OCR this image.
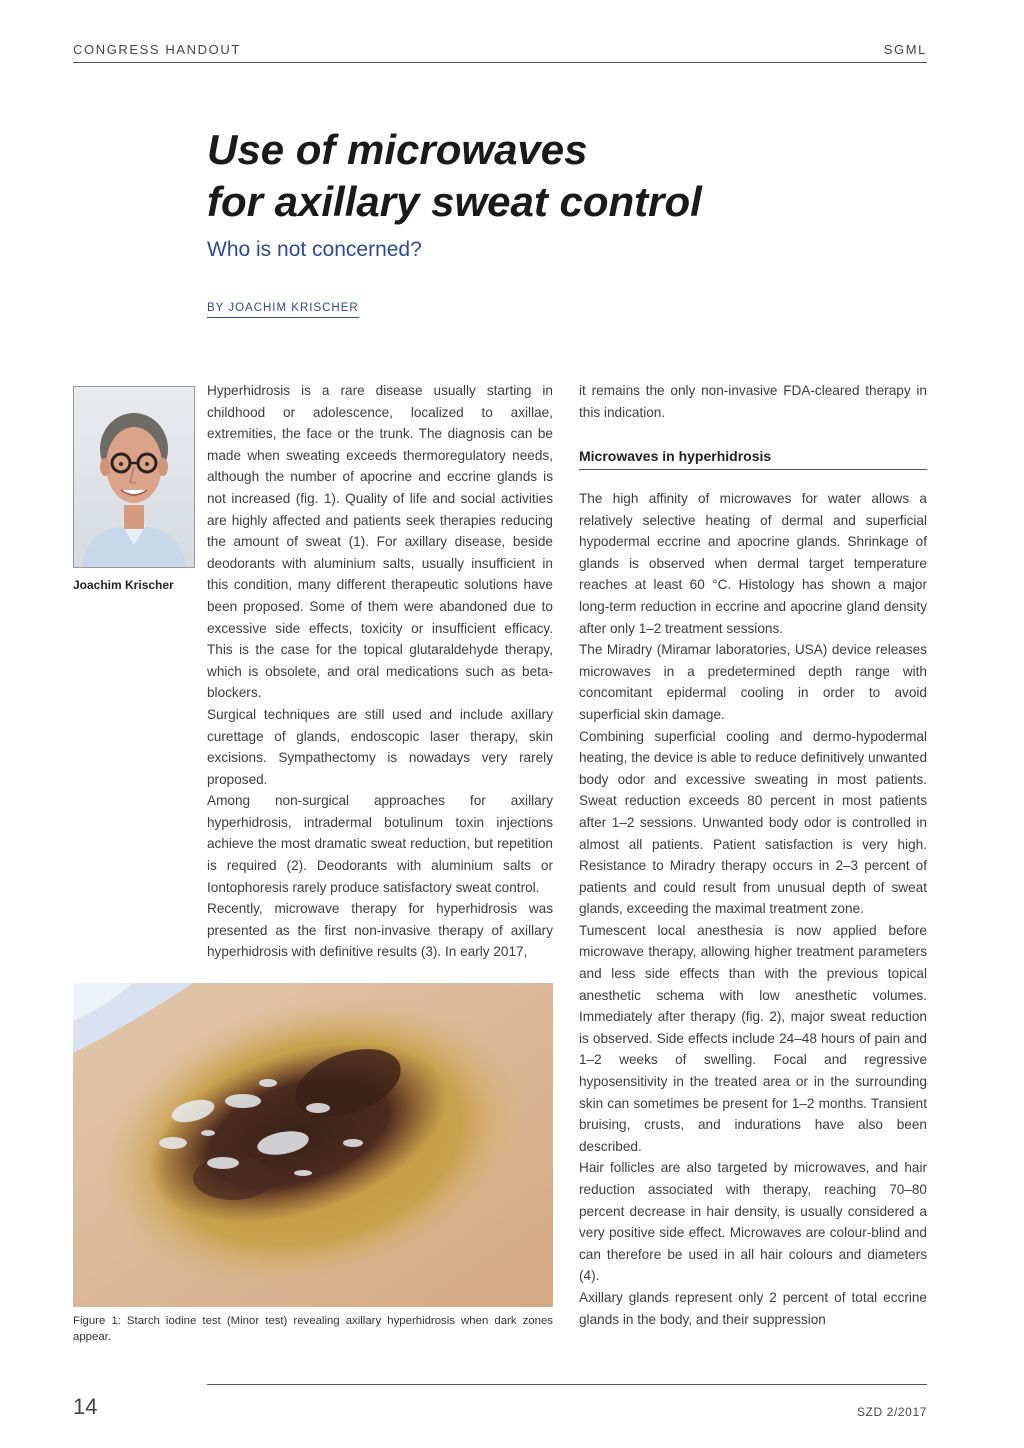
CONGRESS HANDOUT	SGML
Use of microwaves
for axillary sweat control
Who is not concerned?
BY JOACHIM KRISCHER
Joachim Krischer

Hyperhidrosis is a rare disease usually starting in childhood or adolescence, localized to axillae, extremities, the face or the trunk. The diagnosis can be made when sweating exceeds thermoregulatory needs, although the number of apocrine and eccrine glands is not increased (fig. 1). Quality of life and social activities are highly affected and patients seek therapies reducing the amount of sweat (1). For axillary disease, beside deodorants with aluminium salts, usually insufficient in this condition, many different therapeutic solutions have been proposed. Some of them were abandoned due to excessive side effects, toxicity or insufficient efficacy. This is the case for the topical glutaraldehyde therapy, which is obsolete, and oral medications such as beta-blockers.

Surgical techniques are still used and include axillary curettage of glands, endoscopic laser therapy, skin excisions. Sympathectomy is nowadays very rarely proposed.

Among non-surgical approaches for axillary hyperhidrosis, intradermal botulinum toxin injections achieve the most dramatic sweat reduction, but repetition is required (2). Deodorants with aluminium salts or Iontophoresis rarely produce satisfactory sweat control.

Recently, microwave therapy for hyperhidrosis was presented as the first non-invasive therapy of axillary hyperhidrosis with definitive results (3). In early 2017,

it remains the only non-invasive FDA-cleared therapy in this indication.

Microwaves in hyperhidrosis

The high affinity of microwaves for water allows a relatively selective heating of dermal and superficial hypodermal eccrine and apocrine glands. Shrinkage of glands is observed when dermal target temperature reaches at least 60 °C. Histology has shown a major long-term reduction in eccrine and apocrine gland density after only 1–2 treatment sessions.

The Miradry (Miramar laboratories, USA) device releases microwaves in a predetermined depth range with concomitant epidermal cooling in order to avoid superficial skin damage.

Combining superficial cooling and dermo-hypodermal heating, the device is able to reduce definitively unwanted body odor and excessive sweating in most patients. Sweat reduction exceeds 80 percent in most patients after 1–2 sessions. Unwanted body odor is controlled in almost all patients. Patient satisfaction is very high. Resistance to Miradry therapy occurs in 2–3 percent of patients and could result from unusual depth of sweat glands, exceeding the maximal treatment zone.

Tumescent local anesthesia is now applied before microwave therapy, allowing higher treatment parameters and less side effects than with the previous topical anesthetic schema with low anesthetic volumes. Immediately after therapy (fig. 2), major sweat reduction is observed. Side effects include 24–48 hours of pain and 1–2 weeks of swelling. Focal and regressive hyposensitivity in the treated area or in the surrounding skin can sometimes be present for 1–2 months. Transient bruising, crusts, and indurations have also been described.

Hair follicles are also targeted by microwaves, and hair reduction associated with therapy, reaching 70–80 percent decrease in hair density, is usually considered a very positive side effect. Microwaves are colour-blind and can therefore be used in all hair colours and diameters (4).

Axillary glands represent only 2 percent of total eccrine glands in the body, and their suppression

Figure 1: Starch iodine test (Minor test) revealing axillary hyperhidrosis when dark zones appear.
14	SZD 2/2017
